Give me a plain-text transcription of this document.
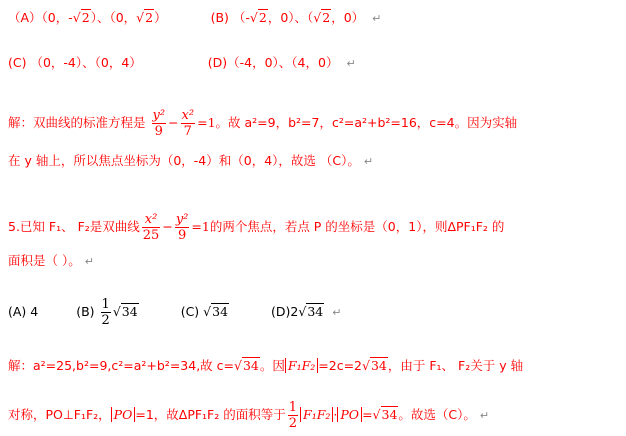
（A）（0，-√2）、（0，√2）	(B) （-√2，0）、（√2，0） ↵
(C) （0，-4）、（0，4）	(D)（-4，0）、（4，0） ↵
解：双曲线的标准方程是 $\frac{\text{y²}}{9} - \frac{\text{x²}}{7} =1$。故 a²=9，b²=7，c²=a²+b²=16，c=4。因为实轴
在 y 轴上，所以焦点坐标为（0，-4）和（0，4），故选 （C）。 ↵
5.已知 F₁、 F₂是双曲线 $\frac{\text{x²}}{25} - \frac{\text{y²}}{9} =1$的两个焦点，若点 P 的坐标是（0，1），则ΔPF₁F₂ 的
面积是（ ）。 ↵
(A) 4	$(B) \frac{1}{2} √34$	(C) √34	(D)2√34 ↵
解：a²=25,b²=9,c²=a²+b²=34,故 c=√34。因 F₁F₂ =2c=2√34，由于 F₁、 F₂关于 y 轴
对称，PO⊥F₁F₂， PO =1，故ΔPF₁F₂ 的面积等于 $\frac{1}{2} F_1F_2$ · PO =√34。故选（C）。 ↵
